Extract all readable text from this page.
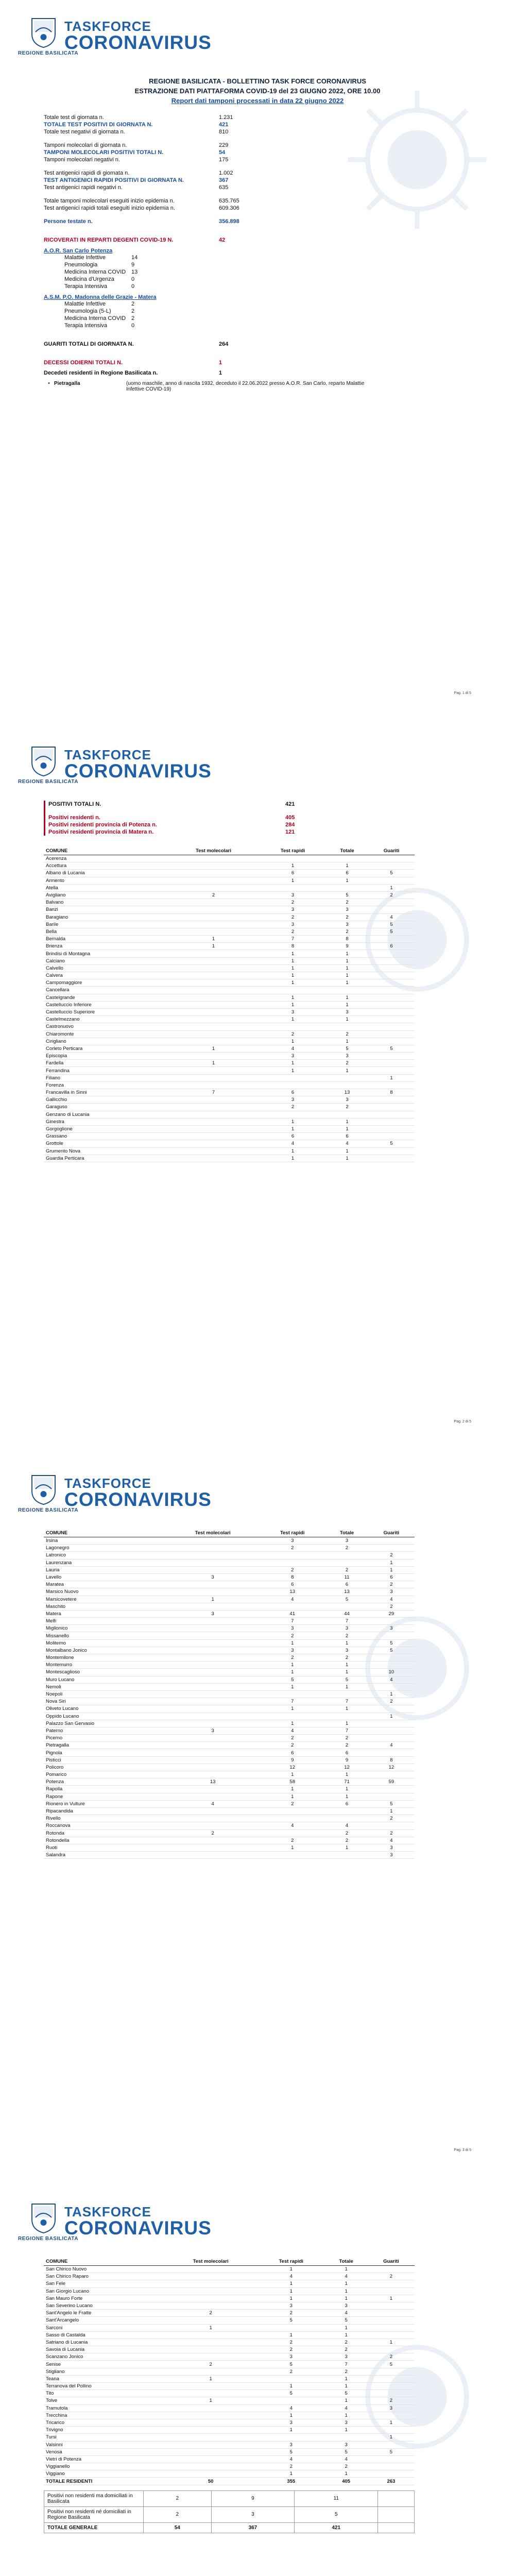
TASKFORCE
CORONAVIRUS
REGIONE BASILICATA
REGIONE BASILICATA - BOLLETTINO TASK FORCE CORONAVIRUS
ESTRAZIONE DATI PIATTAFORMA COVID-19 del 23 GIUGNO 2022, ORE 10.00
Report dati tamponi processati in data 22 giugno 2022
Totale test di giornata n.	1.231
TOTALE TEST POSITIVI DI GIORNATA N.	421
Totale test negativi di giornata n.	810
Tamponi molecolari di giornata n.	229
TAMPONI MOLECOLARI POSITIVI TOTALI N.	54
Tamponi molecolari negativi n.	175
Test antigenici rapidi di giornata n.	1.002
TEST ANTIGENICI RAPIDI POSITIVI DI GIORNATA N.	367
Test antigenici rapidi negativi n.	635
Totale tamponi molecolari eseguiti inizio epidemia n.	635.765
Test antigenici rapidi totali eseguiti inizio epidemia n.	609.306
Persone testate n.	356.898
RICOVERATI IN REPARTI DEGENTI COVID-19 N.	42
A.O.R. San Carlo Potenza
Malattie Infettive	14
Pneumologia	9
Medicina Interna COVID 13
Medicina d'Urgenza	0
Terapia Intensiva	0
A.S.M. P.O. Madonna delle Grazie - Matera
Malattie Infettive	2
Pneumologia (5-L)	2
Medicina Interna COVID 2
Terapia Intensiva	0
GUARITI TOTALI DI GIORNATA N.	264
DECESSI ODIERNI TOTALI N.	1
Decedeti residenti in Regione Basilicata n.	1
• Pietragalla	(uomo maschile, anno di nascita 1932, deceduto il 22.06.2022 presso A.O.R. San Carlo, reparto Malattie Infettive COVID-19)
Pag. 1 di 5
TASKFORCE
CORONAVIRUS
REGIONE BASILICATA
POSITIVI TOTALI N.	421
Positivi residenti n.	405
Positivi residenti provincia di Potenza n.	284
Positivi residenti provincia di Matera n.	121
COMUNE	Test molecolari	Test rapidi	Totale	Guariti
Acerenza				
Accettura		1	1	
Albano di Lucania		6	6	5
Armento		1	1	
Atella				1
Avigliano	2	3	5	2
Balvano		2	2	
Banzi		3	3	
Baragiano		2	2	4
Barile		3	3	5
Bella		2	2	5
Bernalda	1	7	8	
Brienza	1	8	9	6
Brindisi di Montagna		1	1	
Calciano		1	1	
Calvello		1	1	
Calvera		1	1	
Campomaggiore		1	1	
Cancellara				
Castelgrande		1	1	
Castelluccio Inferiore		1	1	
Castelluccio Superiore		3	3	
Castelmezzano		1	1	
Castronuovo				
Chiaromonte		2	2	
Cirigliano		1	1	
Corleto Perticara	1	4	5	5
Episcopia		3	3	
Fardella	1	1	2	
Ferrandina		1	1	
Filiano				1
Forenza				
Francavilla in Sinni	7	6	13	8
Gallicchio		3	3	
Garaguso		2	2	
Genzano di Lucania				
Ginestra		1	1	
Gorgoglione		1	1	
Grassano		6	6	
Grottole		4	4	5
Grumento Nova		1	1	
Guardia Perticara		1	1	
Pag. 2 di 5
TASKFORCE
CORONAVIRUS
REGIONE BASILICATA
COMUNE	Test molecolari	Test rapidi	Totale	Guariti
Irsina		3	3	
Lagonegro		2	2	
Latronico				2
Laurenzana				1
Lauria		2	2	1
Lavello	3	8	11	6
Maratea		6	6	2
Marsico Nuovo		13	13	3
Marsicovetere	1	4	5	4
Maschito				2
Matera	3	41	44	29
Melfi		7	7	
Miglionico		3	3	3
Missanello		2	2	
Moliterno		1	1	5
Montalbano Jonico		3	3	5
Montemilone		2	2	
Montemurro		1	1	
Montescaglioso		1	1	10
Muro Lucano		5	5	4
Nemoli		1	1	
Noepoli				1
Nova Siri		7	7	2
Oliveto Lucano		1	1	
Oppido Lucano				1
Palazzo San Gervasio		1	1	
Paterno	3	4	7	
Picerno		2	2	
Pietragalla		2	2	4
Pignola		6	6	
Pisticci		9	9	8
Policoro		12	12	12
Pomarico		1	1	
Potenza	13	58	71	59
Rapolla		1	1	
Rapone		1	1	
Rionero in Vulture	4	2	6	5
Ripacandida				1
Rivello				2
Roccanova		4	4	
Rotonda	2		2	2
Rotondella		2	2	4
Ruoti		1	1	3
Salandra				3
Pag. 3 di 5
TASKFORCE
CORONAVIRUS
REGIONE BASILICATA
COMUNE	Test molecolari	Test rapidi	Totale	Guariti
San Chirico Nuovo		1	1	
San Chirico Raparo		4	4	2
San Fele		1	1	
San Giorgio Lucano		1	1	
San Mauro Forte		1	1	1
San Severino Lucano		3	3	
Sant'Angelo le Fratte	2	2	4	
Sant'Arcangelo		5	5	
Sarconi	1		1	
Sasso di Castalda		1	1	
Satriano di Lucania		2	2	1
Savoia di Lucania		2	2	
Scanzano Jonico		3	3	2
Senise	2	5	7	5
Stigliano		2	2	
Teana	1		1	
Terranova del Pollino		1	1	
Tito		5	5	
Tolve	1		1	2
Tramutola		4	4	3
Trecchina		1	1	
Tricarico		3	3	1
Trivigno		1	1	
Tursi				1
Valsinni		3	3	
Venosa		5	5	5
Vietri di Potenza		4	4	
Viggianello		2	2	
Viggiano		1	1	
TOTALE RESIDENTI	50	355	405	263
Positivi non residenti ma domiciliati in Basilicata	2	9	11	
Positivi non residenti né domiciliati in Regione Basilicata	2	3	5	
TOTALE GENERALE	54	367	421	
